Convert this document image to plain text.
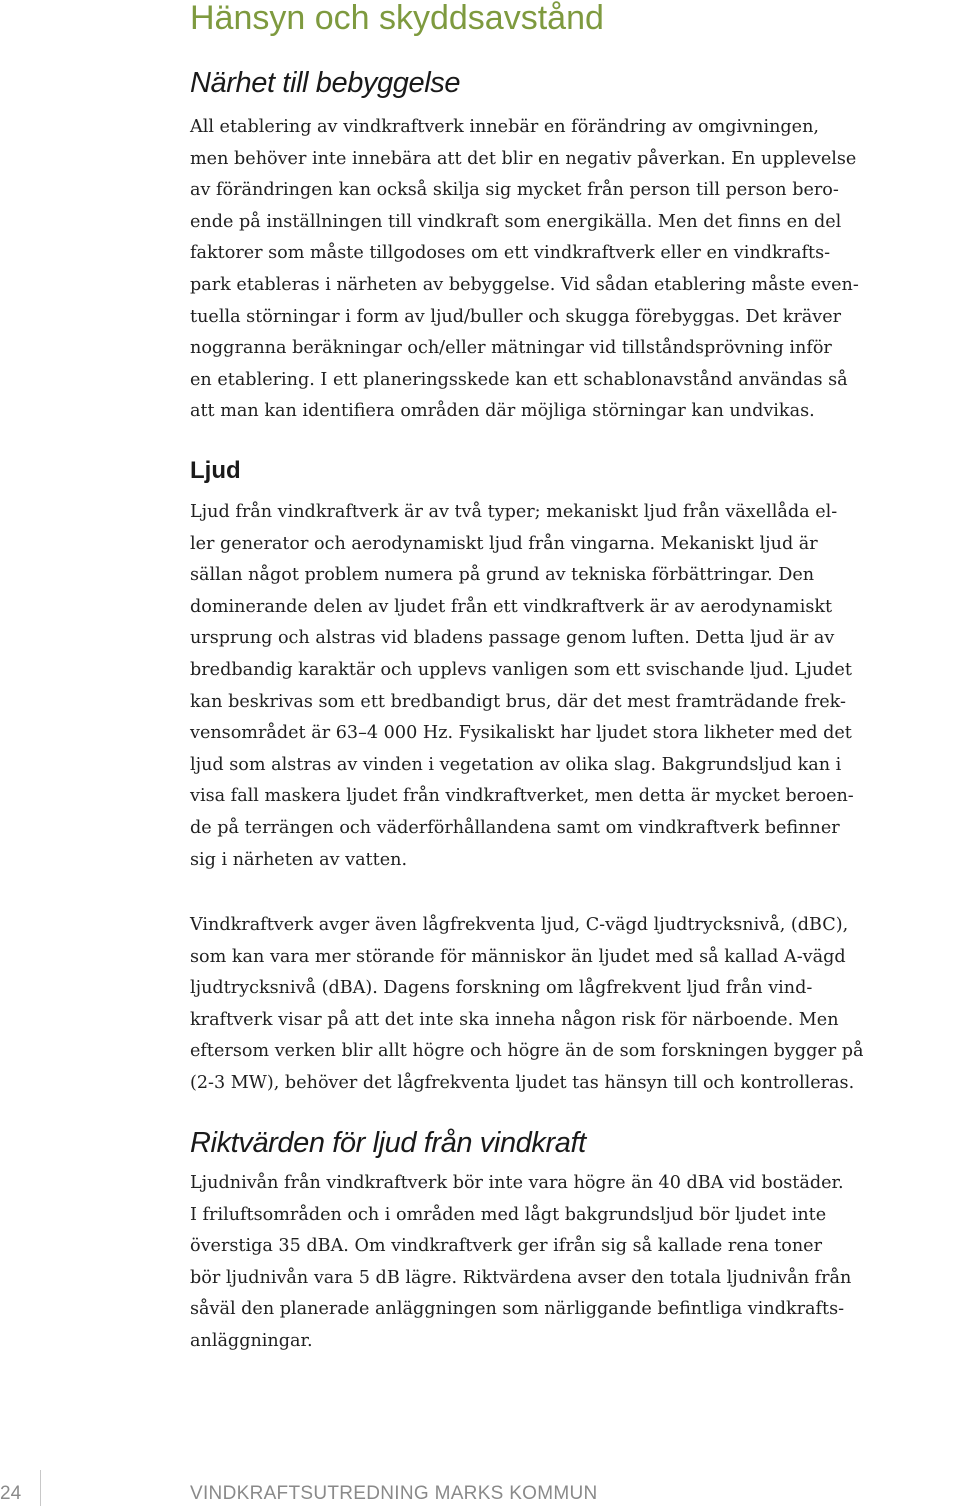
Hänsyn och skyddsavstånd
Närhet till bebyggelse
All etablering av vindkraftverk innebär en förändring av omgivningen,
men behöver inte innebära att det blir en negativ påverkan. En upplevelse
av förändringen kan också skilja sig mycket från person till person bero-
ende på inställningen till vindkraft som energikälla. Men det finns en del
faktorer som måste tillgodoses om ett vindkraftverk eller en vindkrafts-
park etableras i närheten av bebyggelse. Vid sådan etablering måste even-
tuella störningar i form av ljud/buller och skugga förebyggas. Det kräver
noggranna beräkningar och/eller mätningar vid tillståndsprövning inför
en etablering. I ett planeringsskede kan ett schablonavstånd användas så
att man kan identifiera områden där möjliga störningar kan undvikas.
Ljud
Ljud från vindkraftverk är av två typer; mekaniskt ljud från växellåda el-
ler generator och aerodynamiskt ljud från vingarna. Mekaniskt ljud är
sällan något problem numera på grund av tekniska förbättringar. Den
dominerande delen av ljudet från ett vindkraftverk är av aerodynamiskt
ursprung och alstras vid bladens passage genom luften. Detta ljud är av
bredbandig karaktär och upplevs vanligen som ett svischande ljud. Ljudet
kan beskrivas som ett bredbandigt brus, där det mest framträdande frek-
vensområdet är 63–4 000 Hz. Fysikaliskt har ljudet stora likheter med det
ljud som alstras av vinden i vegetation av olika slag. Bakgrundsljud kan i
visa fall maskera ljudet från vindkraftverket, men detta är mycket beroen-
de på terrängen och väderförhållandena samt om vindkraftverk befinner
sig i närheten av vatten.
Vindkraftverk avger även lågfrekventa ljud, C-vägd ljudtrycksnivå, (dBC),
som kan vara mer störande för människor än ljudet med så kallad A-vägd
ljudtrycksnivå (dBA). Dagens forskning om lågfrekvent ljud från vind-
kraftverk visar på att det inte ska inneha någon risk för närboende. Men
eftersom verken blir allt högre och högre än de som forskningen bygger på
(2-3 MW), behöver det lågfrekventa ljudet tas hänsyn till och kontrolleras.
Riktvärden för ljud från vindkraft
Ljudnivån från vindkraftverk bör inte vara högre än 40 dBA vid bostäder.
I friluftsområden och i områden med lågt bakgrundsljud bör ljudet inte
överstiga 35 dBA. Om vindkraftverk ger ifrån sig så kallade rena toner
bör ljudnivån vara 5 dB lägre. Riktvärdena avser den totala ljudnivån från
såväl den planerade anläggningen som närliggande befintliga vindkrafts-
anläggningar.
24	VINDKRAFTSUTREDNING MARKS KOMMUN
